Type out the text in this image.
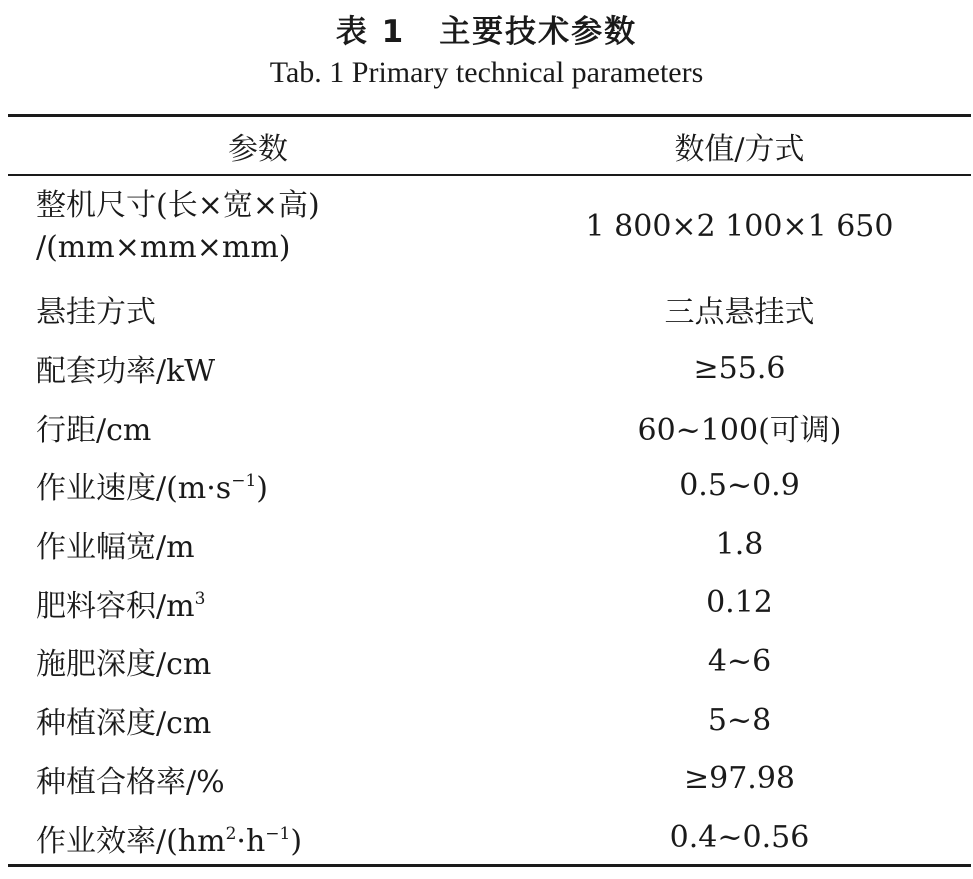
表 1 主要技术参数
Tab. 1 Primary technical parameters
参数	数值/方式

整机尺寸(长×宽×高)
/(mm×mm×mm)	1 800×2 100×1 650
悬挂方式	三点悬挂式
配套功率/kW	≥55.6
行距/cm	60~100(可调)
作业速度$/(m\cdot s^{-1})$	0.5~0.9
作业幅宽/m	1.8
肥料容积$/m^3$	0.12
施肥深度/cm	4~6
种植深度/cm	5~8
种植合格率/%	≥97.98
作业效率$/(hm^2\cdot h^{-1})$	0.4~0.56
